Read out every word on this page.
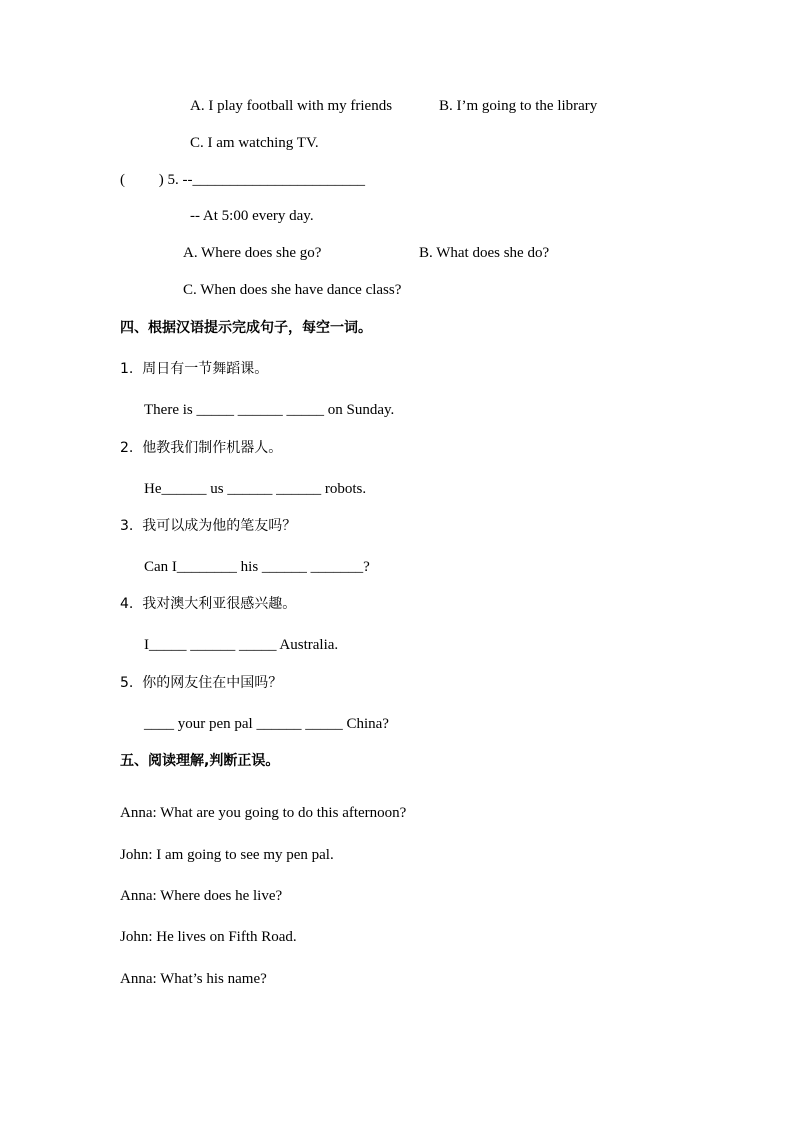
A. I play football with my friends	B. I’m going to the library
C. I am watching TV.
(         ) 5. --_______________________
-- At 5:00 every day.
A. Where does she go?	B. What does she do?
C. When does she have dance class?
四、根据汉语提示完成句子，每空一词。
1.  周日有一节舞蹈课。
There is _____ ______ _____ on Sunday.
2.  他教我们制作机器人。
He______ us ______ ______ robots.
3.  我可以成为他的笔友吗？
Can I________ his ______ _______?
4.  我对澳大利亚很感兴趣。
I_____ ______ _____ Australia.
5.  你的网友住在中国吗？
____ your pen pal ______ _____ China?
五、阅读理解,判断正误。
Anna: What are you going to do this afternoon?
John: I am going to see my pen pal.
Anna: Where does he live?
John: He lives on Fifth Road.
Anna: What’s his name?
